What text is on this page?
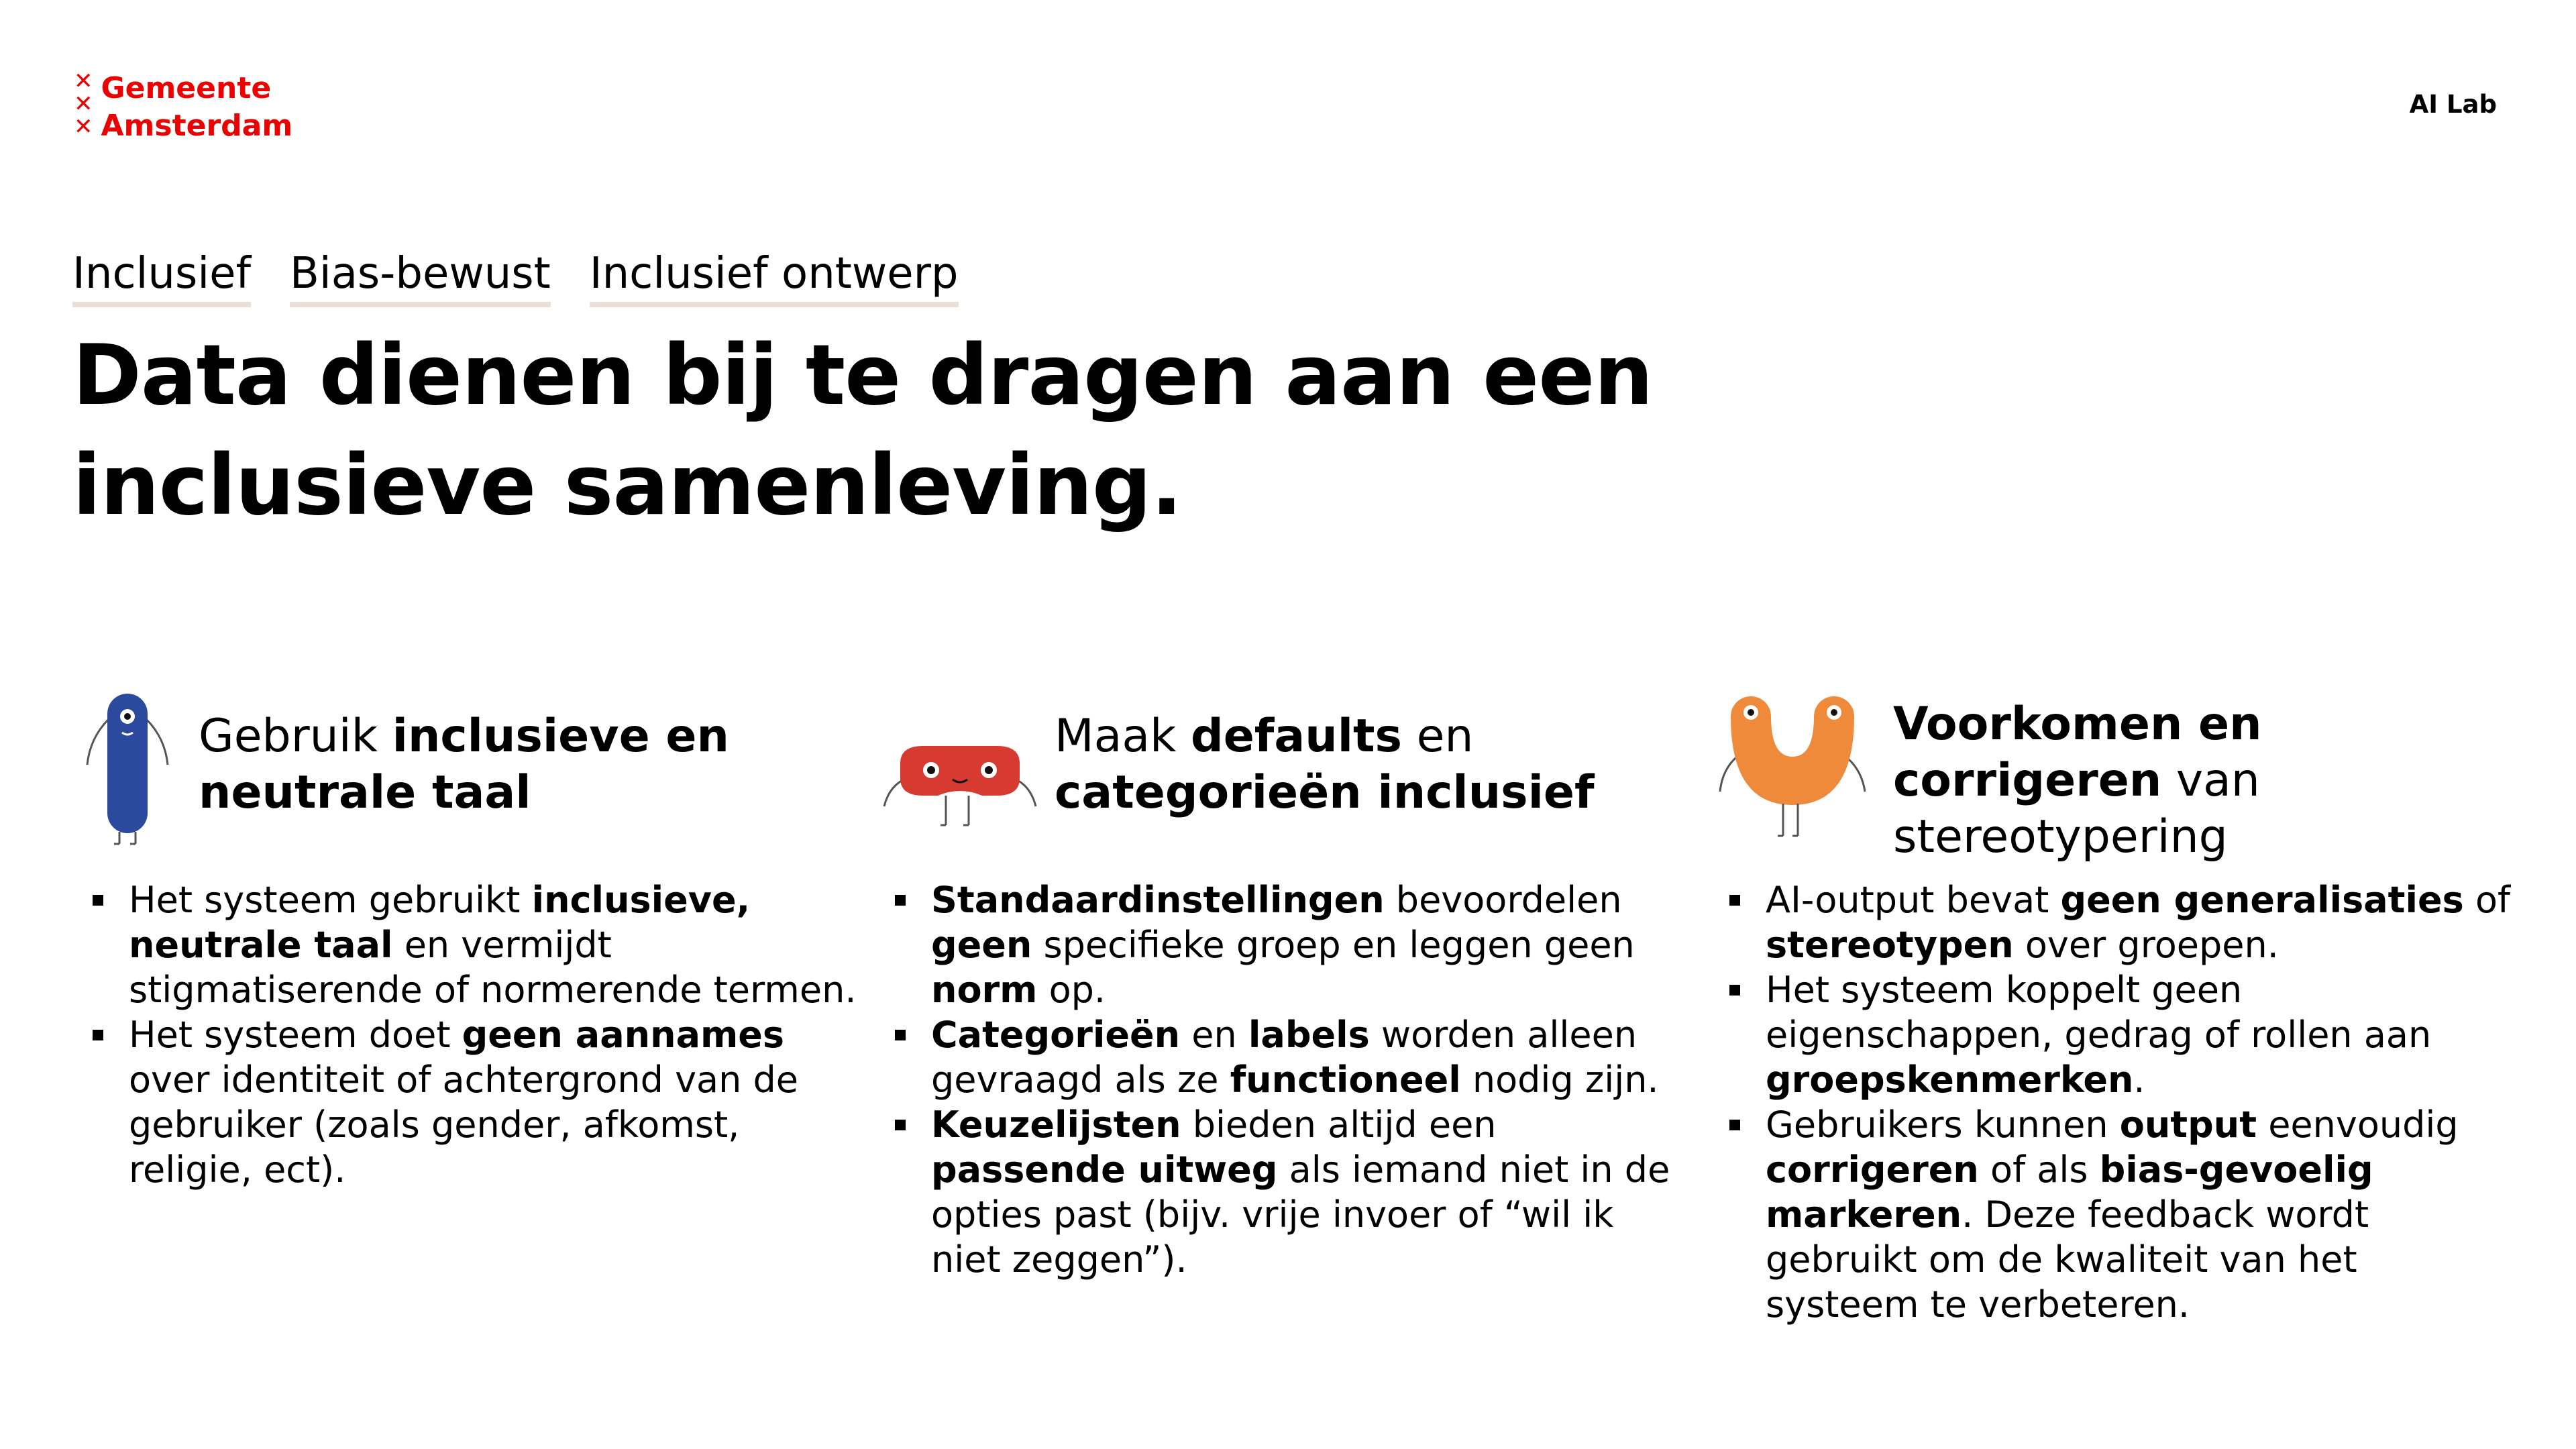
✕
✕
✕
Gemeente
Amsterdam
AI Lab
Inclusief Bias-bewust Inclusief ontwerp
Data dienen bij te dragen aan een inclusieve samenleving.
Gebruik inclusieve en neutrale taal
Het systeem gebruikt inclusieve, neutrale taal en vermijdt stigmatiserende of normerende termen.
Het systeem doet geen aannames over identiteit of achtergrond van de gebruiker (zoals gender, afkomst, religie, ect).
Maak defaults en categorieën inclusief
Standaardinstellingen bevoordelen geen specifieke groep en leggen geen norm op.
Categorieën en labels worden alleen gevraagd als ze functioneel nodig zijn.
Keuzelijsten bieden altijd een passende uitweg als iemand niet in de opties past (bijv. vrije invoer of “wil ik niet zeggen”).
Voorkomen en corrigeren van stereotypering
AI-output bevat geen generalisaties of stereotypen over groepen.
Het systeem koppelt geen eigenschappen, gedrag of rollen aan groepskenmerken.
Gebruikers kunnen output eenvoudig corrigeren of als bias-gevoelig markeren. Deze feedback wordt gebruikt om de kwaliteit van het systeem te verbeteren.
